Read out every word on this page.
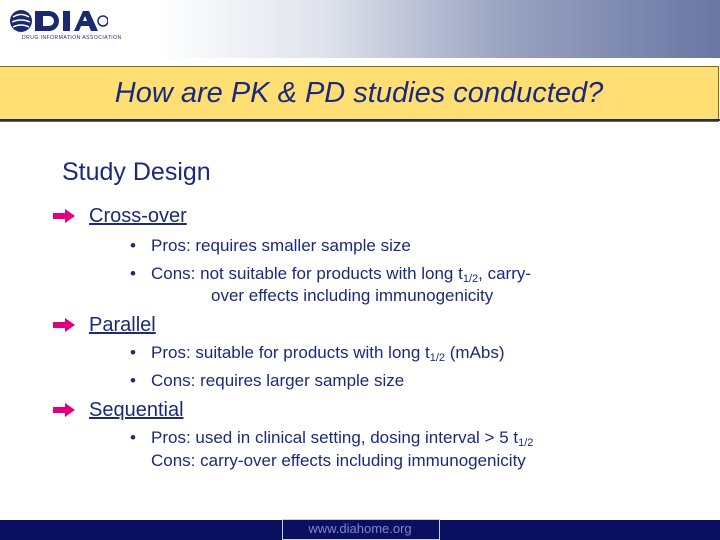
DRUG INFORMATION ASSOCIATION
How are PK & PD studies conducted?
Study Design
Cross-over
• Pros: requires smaller sample size
• Cons: not suitable for products with long $t_{1/2}$, carry-
over effects including immunogenicity
Parallel
• Pros: suitable for products with long $t_{1/2}$ (mAbs)
• Cons: requires larger sample size
Sequential
• Pros: used in clinical setting, dosing interval > 5 $t_{1/2}$
Cons: carry-over effects including immunogenicity
www.diahome.org
